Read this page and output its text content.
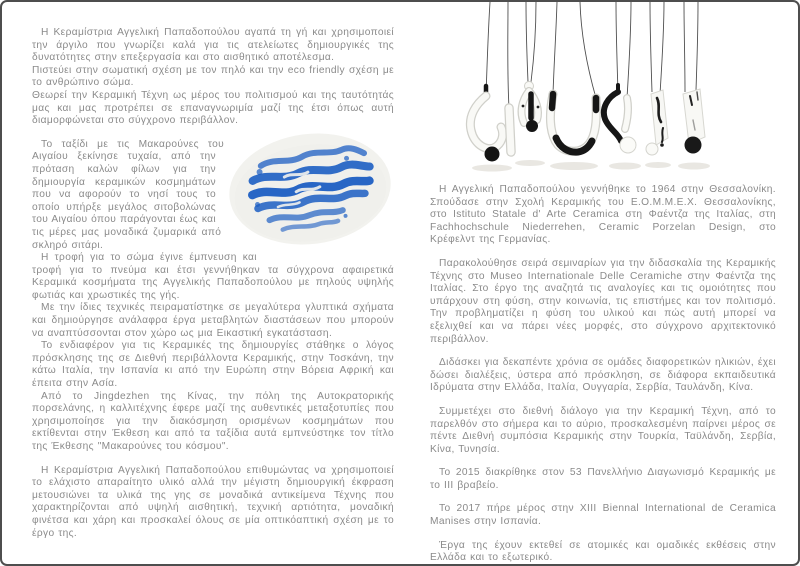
Η Κεραμίστρια Αγγελική Παπαδοπούλου αγαπά τη γή και χρησιμοποιεί την άργιλο που γνωρίζει καλά για τις ατελείωτες δημιουργικές της δυνατότητες στην επεξεργασία και στο αισθητικό αποτέλεσμα.

Πιστεύει στην σωματική σχέση με τον πηλό και την eco friendly σχέση με το ανθρώπινο σώμα.

Θεωρεί την Κεραμική Τέχνη ως μέρος του πολιτισμού και της ταυτότητάς μας και μας προτρέπει σε επαναγνωριμία μαζί της έτσι όπως αυτή διαμορφώνεται στο σύγχρονο περιβάλλον.

Το ταξίδι με τις Μακαρούνες του Αιγαίου ξεκίνησε τυχαία, από την πρόταση καλών φίλων για την δημιουργία κεραμικών κοσμημάτων που να αφορούν το νησί τους το οποίο υπήρξε μεγάλος σιτοβολώνας του Αιγαίου όπου παράγονται έως και τις μέρες μας μοναδικά ζυμαρικά από σκληρό σιτάρι.

Η τροφή για το σώμα έγινε έμπνευση και τροφή για το πνεύμα και έτσι γεννήθηκαν τα σύγχρονα αφαιρετικά Κεραμικά κοσμήματα της Αγγελικής Παπαδοπούλου με πηλούς υψηλής φωτιάς και χρωστικές της γής.

Με την ίδιες τεχνικές πειραματίστηκε σε μεγαλύτερα γλυπτικά σχήματα και δημιούργησε ανάλαφρα έργα μεταβλητών διαστάσεων που μπορούν να αναπτύσσονται στον χώρο ως μια Εικαστική εγκατάσταση.

Το ενδιαφέρον για τις Κεραμικές της δημιουργίες στάθηκε ο λόγος πρόσκλησης της σε Διεθνή περιβάλλοντα Κεραμικής, στην Τοσκάνη, την κάτω Ιταλία, την Ισπανία κι από την Ευρώπη στην Βόρεια Αφρική και έπειτα στην Ασία.

Από το Jingdezhen της Κίνας, την πόλη της Αυτοκρατορικής πορσελάνης, η καλλιτέχνης έφερε μαζί της αυθεντικές μεταξοτυπίες που χρησιμοποίησε για την διακόσμηση ορισμένων κοσμημάτων που εκτίθενται στην Έκθεση και από τα ταξίδια αυτά εμπνεύστηκε τον τίτλο της Έκθεσης "Μακαρούνες του κόσμου".

Η Κεραμίστρια Αγγελική Παπαδοπούλου επιθυμώντας να χρησιμοποιεί το ελάχιστο απαραίτητο υλικό αλλά την μέγιστη δημιουργική έκφραση μετουσιώνει τα υλικά της γης σε μοναδικά αντικείμενα Τέχνης που χαρακτηρίζονται από υψηλή αισθητική, τεχνική αρτιότητα, μοναδική φινέτσα και χάρη και προσκαλεί όλους σε μία οπτικόαπτική σχέση με το έργο της.

Η Αγγελική Παπαδοπούλου γεννήθηκε το 1964 στην Θεσσαλονίκη. Σπούδασε στην Σχολή Κεραμικής του Ε.Ο.Μ.Μ.Ε.Χ. Θεσσαλονίκης, στο Istituto Statale d' Arte Ceramica στη Φαέντζα της Ιταλίας, στη Fachhochschule Niederrehen, Ceramic Porzelan Design, στο Κρέφελντ της Γερμανίας.

Παρακολούθησε σειρά σεμιναρίων για την διδασκαλία της Κεραμικής Τέχνης στο Museo Internationale Delle Ceramiche στην Φαέντζα της Ιταλίας. Στο έργο της αναζητά τις αναλογίες και τις ομοιότητες που υπάρχουν στη φύση, στην κοινωνία, τις επιστήμες και τον πολιτισμό. Την προβληματίζει η φύση του υλικού και πώς αυτή μπορεί να εξελιχθεί και να πάρει νέες μορφές, στο σύγχρονο αρχιτεκτονικό περιβάλλον.

Διδάσκει για δεκαπέντε χρόνια σε ομάδες διαφορετικών ηλικιών, έχει δώσει διαλέξεις, ύστερα από πρόσκληση, σε διάφορα εκπαιδευτικά Ιδρύματα στην Ελλάδα, Ιταλία, Ουγγαρία, Σερβία, Ταυλάνδη, Κίνα.

Συμμετέχει στο διεθνή διάλογο για την Κεραμική Τέχνη, από το παρελθόν στο σήμερα και το αύριο, προσκαλεσμένη παίρνει μέρος σε πέντε Διεθνή συμπόσια Κεραμικής στην Τουρκία, Ταϋλάνδη, Σερβία, Κίνα, Τυνησία.

Το 2015 διακρίθηκε στον 53 Πανελλήνιο Διαγωνισμό Κεραμικής με το ΙΙΙ βραβείο.

Το 2017 πήρε μέρος στην XIII Biennal International de Ceramica Manises στην Ισπανία.

Έργα της έχουν εκτεθεί σε ατομικές και ομαδικές εκθέσεις στην Ελλάδα και το εξωτερικό.
